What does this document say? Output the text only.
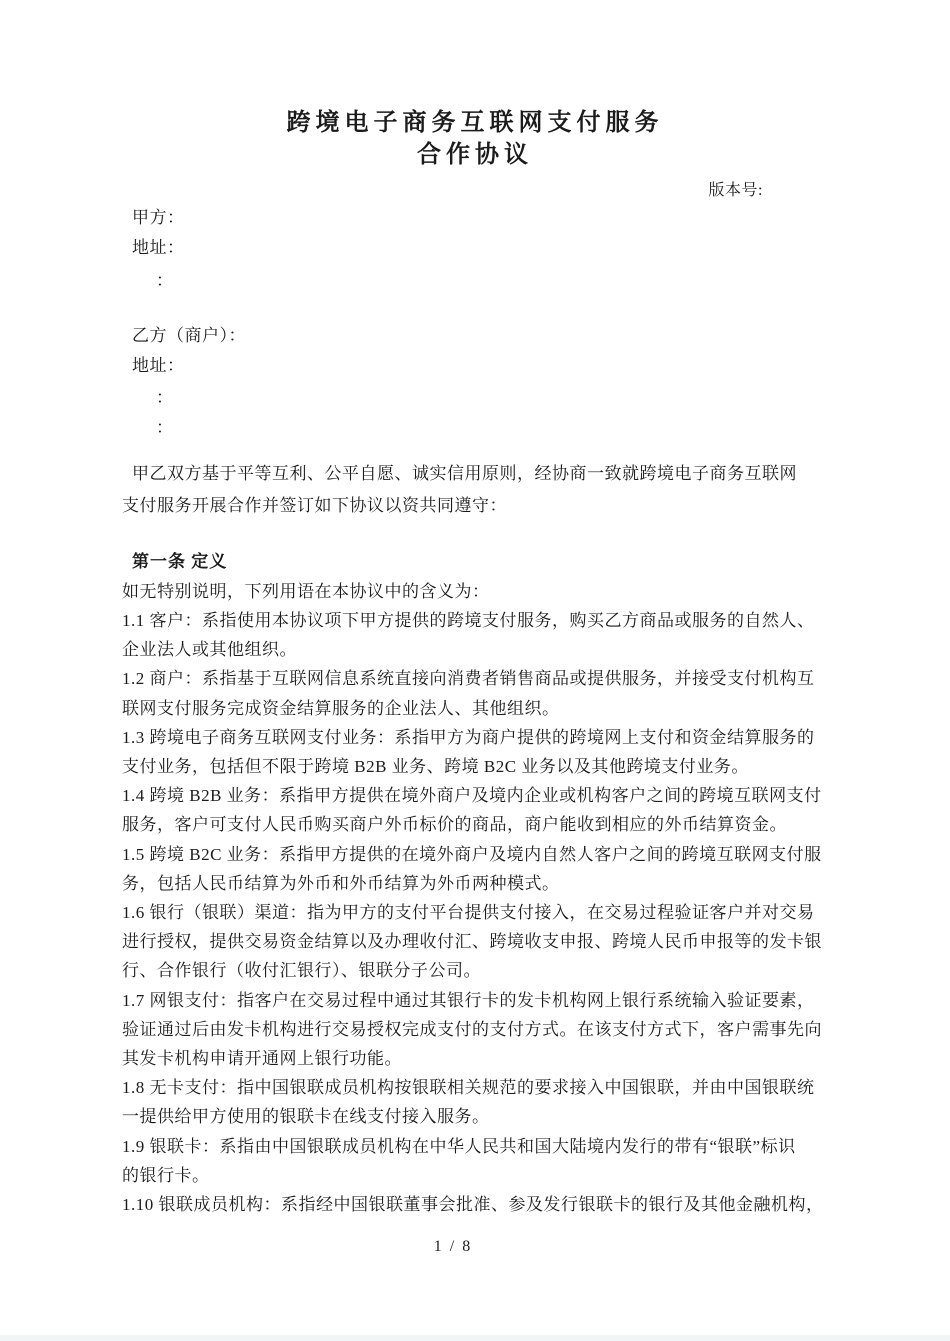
跨境电子商务互联网支付服务
合作协议
版本号:
甲方：
地址：
：
乙方（商户）：
地址：
：
：
第一条 定义
如无特别说明，下列用语在本协议中的含义为：
1 / 8
甲乙双方基于平等互利、公平自愿、诚实信用原则，经协商一致就跨境电子商务互联网
支付服务开展合作并签订如下协议以资共同遵守：
1.1 客户：系指使用本协议项下甲方提供的跨境支付服务，购买乙方商品或服务的自然人、
企业法人或其他组织。
1.2 商户：系指基于互联网信息系统直接向消费者销售商品或提供服务，并接受支付机构互
联网支付服务完成资金结算服务的企业法人、其他组织。
1.3 跨境电子商务互联网支付业务：系指甲方为商户提供的跨境网上支付和资金结算服务的
支付业务，包括但不限于跨境 B2B 业务、跨境 B2C 业务以及其他跨境支付业务。
1.4 跨境 B2B 业务：系指甲方提供在境外商户及境内企业或机构客户之间的跨境互联网支付
服务，客户可支付人民币购买商户外币标价的商品，商户能收到相应的外币结算资金。
1.5 跨境 B2C 业务：系指甲方提供的在境外商户及境内自然人客户之间的跨境互联网支付服
务，包括人民币结算为外币和外币结算为外币两种模式。
1.6 银行（银联）渠道：指为甲方的支付平台提供支付接入，在交易过程验证客户并对交易
进行授权，提供交易资金结算以及办理收付汇、跨境收支申报、跨境人民币申报等的发卡银
行、合作银行（收付汇银行）、银联分子公司。
1.7 网银支付：指客户在交易过程中通过其银行卡的发卡机构网上银行系统输入验证要素，
验证通过后由发卡机构进行交易授权完成支付的支付方式。在该支付方式下，客户需事先向
其发卡机构申请开通网上银行功能。
1.8 无卡支付：指中国银联成员机构按银联相关规范的要求接入中国银联，并由中国银联统
一提供给甲方使用的银联卡在线支付接入服务。
1.9 银联卡：系指由中国银联成员机构在中华人民共和国大陆境内发行的带有“银联”标识
的银行卡。
1.10 银联成员机构：系指经中国银联董事会批准、参及发行银联卡的银行及其他金融机构，
